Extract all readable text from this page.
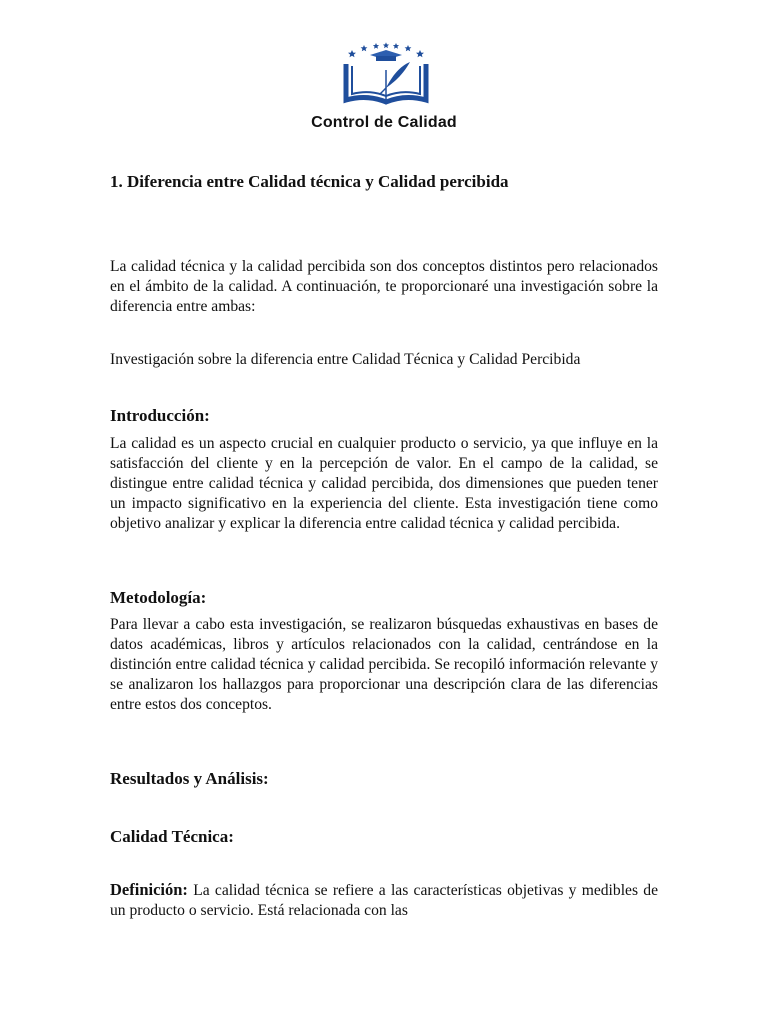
Control de Calidad
1. Diferencia entre Calidad técnica y Calidad percibida

La calidad técnica y la calidad percibida son dos conceptos distintos pero relacionados en el ámbito de la calidad. A continuación, te proporcionaré una investigación sobre la diferencia entre ambas:

Investigación sobre la diferencia entre Calidad Técnica y Calidad Percibida
Introducción:

La calidad es un aspecto crucial en cualquier producto o servicio, ya que influye en la satisfacción del cliente y en la percepción de valor. En el campo de la calidad, se distingue entre calidad técnica y calidad percibida, dos dimensiones que pueden tener un impacto significativo en la experiencia del cliente. Esta investigación tiene como objetivo analizar y explicar la diferencia entre calidad técnica y calidad percibida.

Metodología:

Para llevar a cabo esta investigación, se realizaron búsquedas exhaustivas en bases de datos académicas, libros y artículos relacionados con la calidad, centrándose en la distinción entre calidad técnica y calidad percibida. Se recopiló información relevante y se analizaron los hallazgos para proporcionar una descripción clara de las diferencias entre estos dos conceptos.

Resultados y Análisis:
Calidad Técnica:

Definición: La calidad técnica se refiere a las características objetivas y medibles de un producto o servicio. Está relacionada con las
